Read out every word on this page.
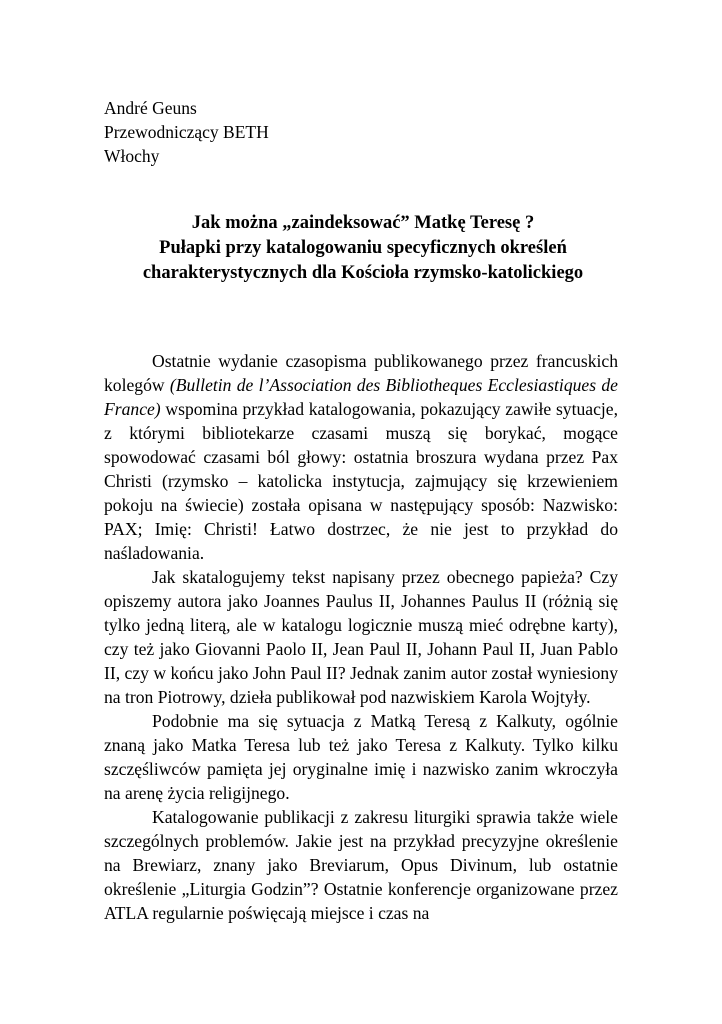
André Geuns
Przewodniczący BETH
Włochy
Jak można „zaindeksować” Matkę Teresę ?
Pułapki przy katalogowaniu specyficznych określeń
charakterystycznych dla Kościoła rzymsko-katolickiego

Ostatnie wydanie czasopisma publikowanego przez francuskich kolegów (Bulletin de l’Association des Bibliotheques Ecclesiastiques de France) wspomina przykład katalogowania, pokazujący zawiłe sytuacje, z którymi bibliotekarze czasami muszą się borykać, mogące spowodować czasami ból głowy: ostatnia broszura wydana przez Pax Christi (rzymsko – katolicka instytucja, zajmujący się krzewieniem pokoju na świecie) została opisana w następujący sposób: Nazwisko: PAX; Imię: Christi! Łatwo dostrzec, że nie jest to przykład do naśladowania.

Jak skatalogujemy tekst napisany przez obecnego papieża? Czy opiszemy autora jako Joannes Paulus II, Johannes Paulus II (różnią się tylko jedną literą, ale w katalogu logicznie muszą mieć odrębne karty), czy też jako Giovanni Paolo II, Jean Paul II, Johann Paul II, Juan Pablo II, czy w końcu jako John Paul II? Jednak zanim autor został wyniesiony na tron Piotrowy, dzieła publikował pod nazwiskiem Karola Wojtyły.

Podobnie ma się sytuacja z Matką Teresą z Kalkuty, ogólnie znaną jako Matka Teresa lub też jako Teresa z Kalkuty. Tylko kilku szczęśliwców pamięta jej oryginalne imię i nazwisko zanim wkroczyła na arenę życia religijnego.

Katalogowanie publikacji z zakresu liturgiki sprawia także wiele szczególnych problemów. Jakie jest na przykład precyzyjne określenie na Brewiarz, znany jako Breviarum, Opus Divinum, lub ostatnie określenie „Liturgia Godzin”? Ostatnie konferencje organizowane przez ATLA regularnie poświęcają miejsce i czas na
